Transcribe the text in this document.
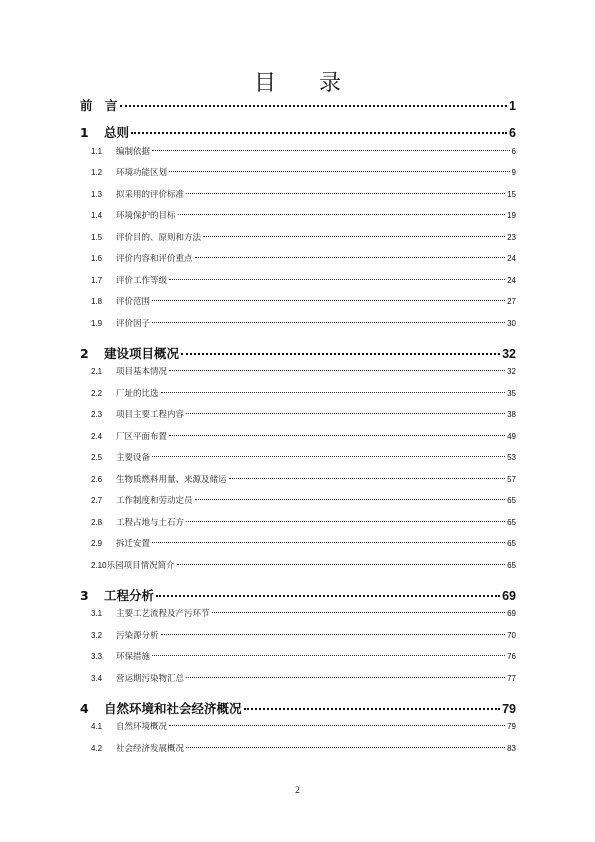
目 录
前　言	1
1	总则	6
1.1	编制依据	6
1.2	环境功能区划	9
1.3	拟采用的评价标准	15
1.4	环境保护的目标	19
1.5	评价目的、原则和方法	23
1.6	评价内容和评价重点	24
1.7	评价工作等级	24
1.8	评价范围	27
1.9	评价因子	30
2	建设项目概况	32
2.1	项目基本情况	32
2.2	厂址的比选	35
2.3	项目主要工程内容	38
2.4	厂区平面布置	49
2.5	主要设备	53
2.6	生物质燃料用量、来源及储运	57
2.7	工作制度和劳动定员	65
2.8	工程占地与土石方	65
2.9	拆迁安置	65
2.10 乐园项目情况简介	65
3	工程分析	69
3.1	主要工艺流程及产污环节	69
3.2	污染源分析	70
3.3	环保措施	76
3.4	营运期污染物汇总	77
4	自然环境和社会经济概况	79
4.1	自然环境概况	79
4.2	社会经济发展概况	83
2
